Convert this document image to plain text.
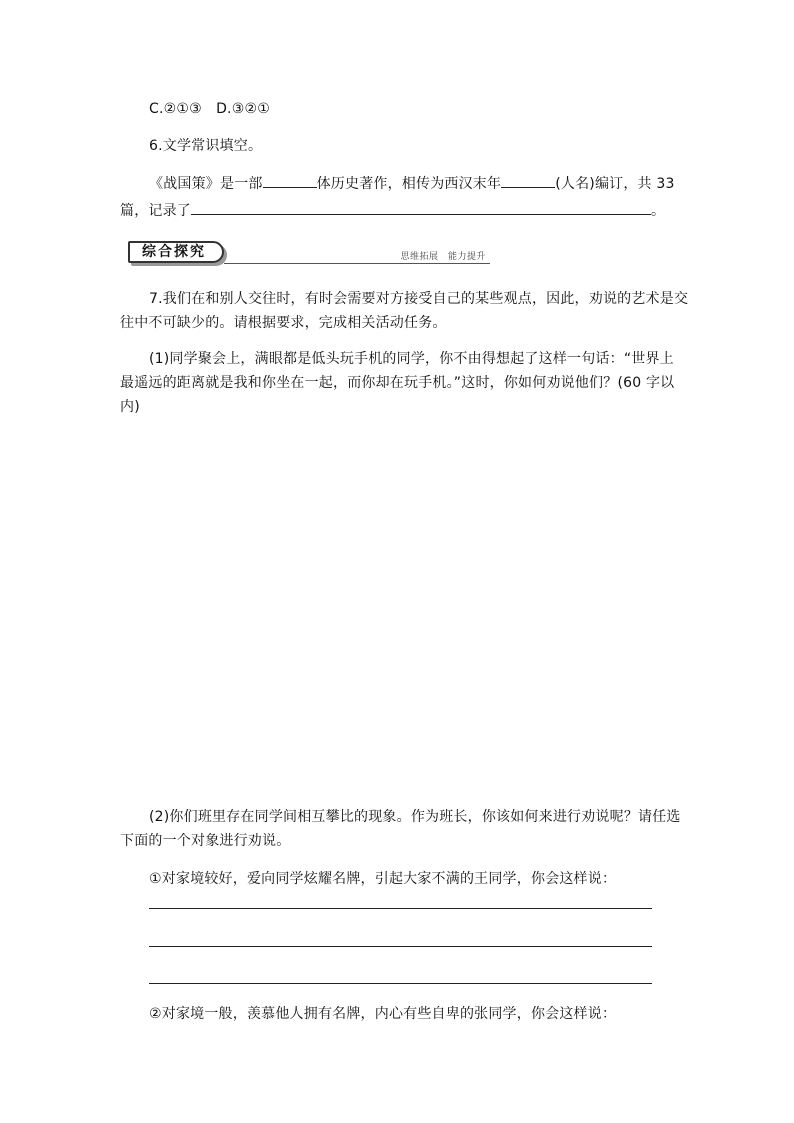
C.②①③　D.③②①
6.文学常识填空。
《战国策》是一部	体历史著作，相传为西汉末年	(人名)编订，共 33
篇，记录了	。
综合探究	思维拓展　能力提升
7.我们在和别人交往时，有时会需要对方接受自己的某些观点，因此，劝说的艺术是交
往中不可缺少的。请根据要求，完成相关活动任务。
(1)同学聚会上，满眼都是低头玩手机的同学，你不由得想起了这样一句话：“世界上
最遥远的距离就是我和你坐在一起，而你却在玩手机。”这时，你如何劝说他们？(60 字以
内)
(2)你们班里存在同学间相互攀比的现象。作为班长，你该如何来进行劝说呢？请任选
下面的一个对象进行劝说。
①对家境较好，爱向同学炫耀名牌，引起大家不满的王同学，你会这样说：
②对家境一般，羡慕他人拥有名牌，内心有些自卑的张同学，你会这样说：
